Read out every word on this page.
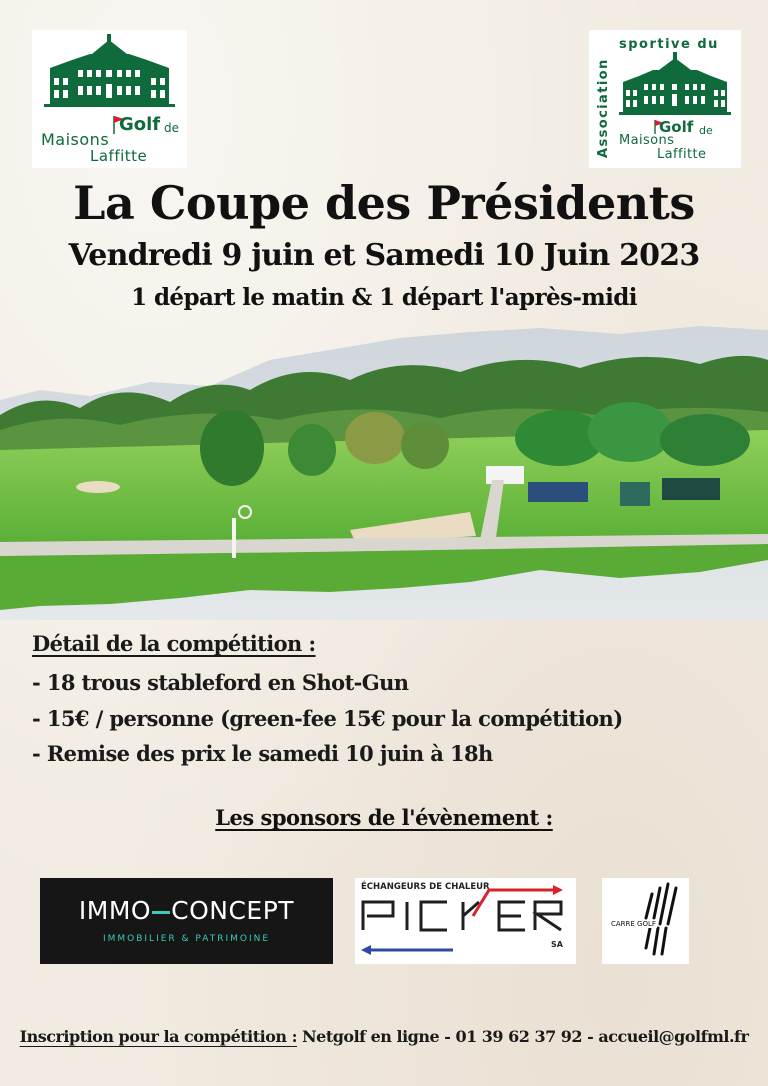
Golf de
Maisons
Laffitte	Association
sportive du
Golf de
Maisons
Laffitte
La Coupe des Présidents
Vendredi 9 juin et Samedi 10 Juin 2023
1 départ le matin & 1 départ l'après-midi
Détail de la compétition :
- 18 trous stableford en Shot-Gun
- 15€ / personne (green-fee 15€ pour la compétition)
- Remise des prix le samedi 10 juin à 18h
Les sponsors de l'évènement :
IMMO CONCEPT
IMMOBILIER & PATRIMOINE
ÉCHANGEURS DE CHALEUR
SA
CARRE GOLF
Inscription pour la compétition : Netgolf en ligne - 01 39 62 37 92 - accueil@golfml.fr
